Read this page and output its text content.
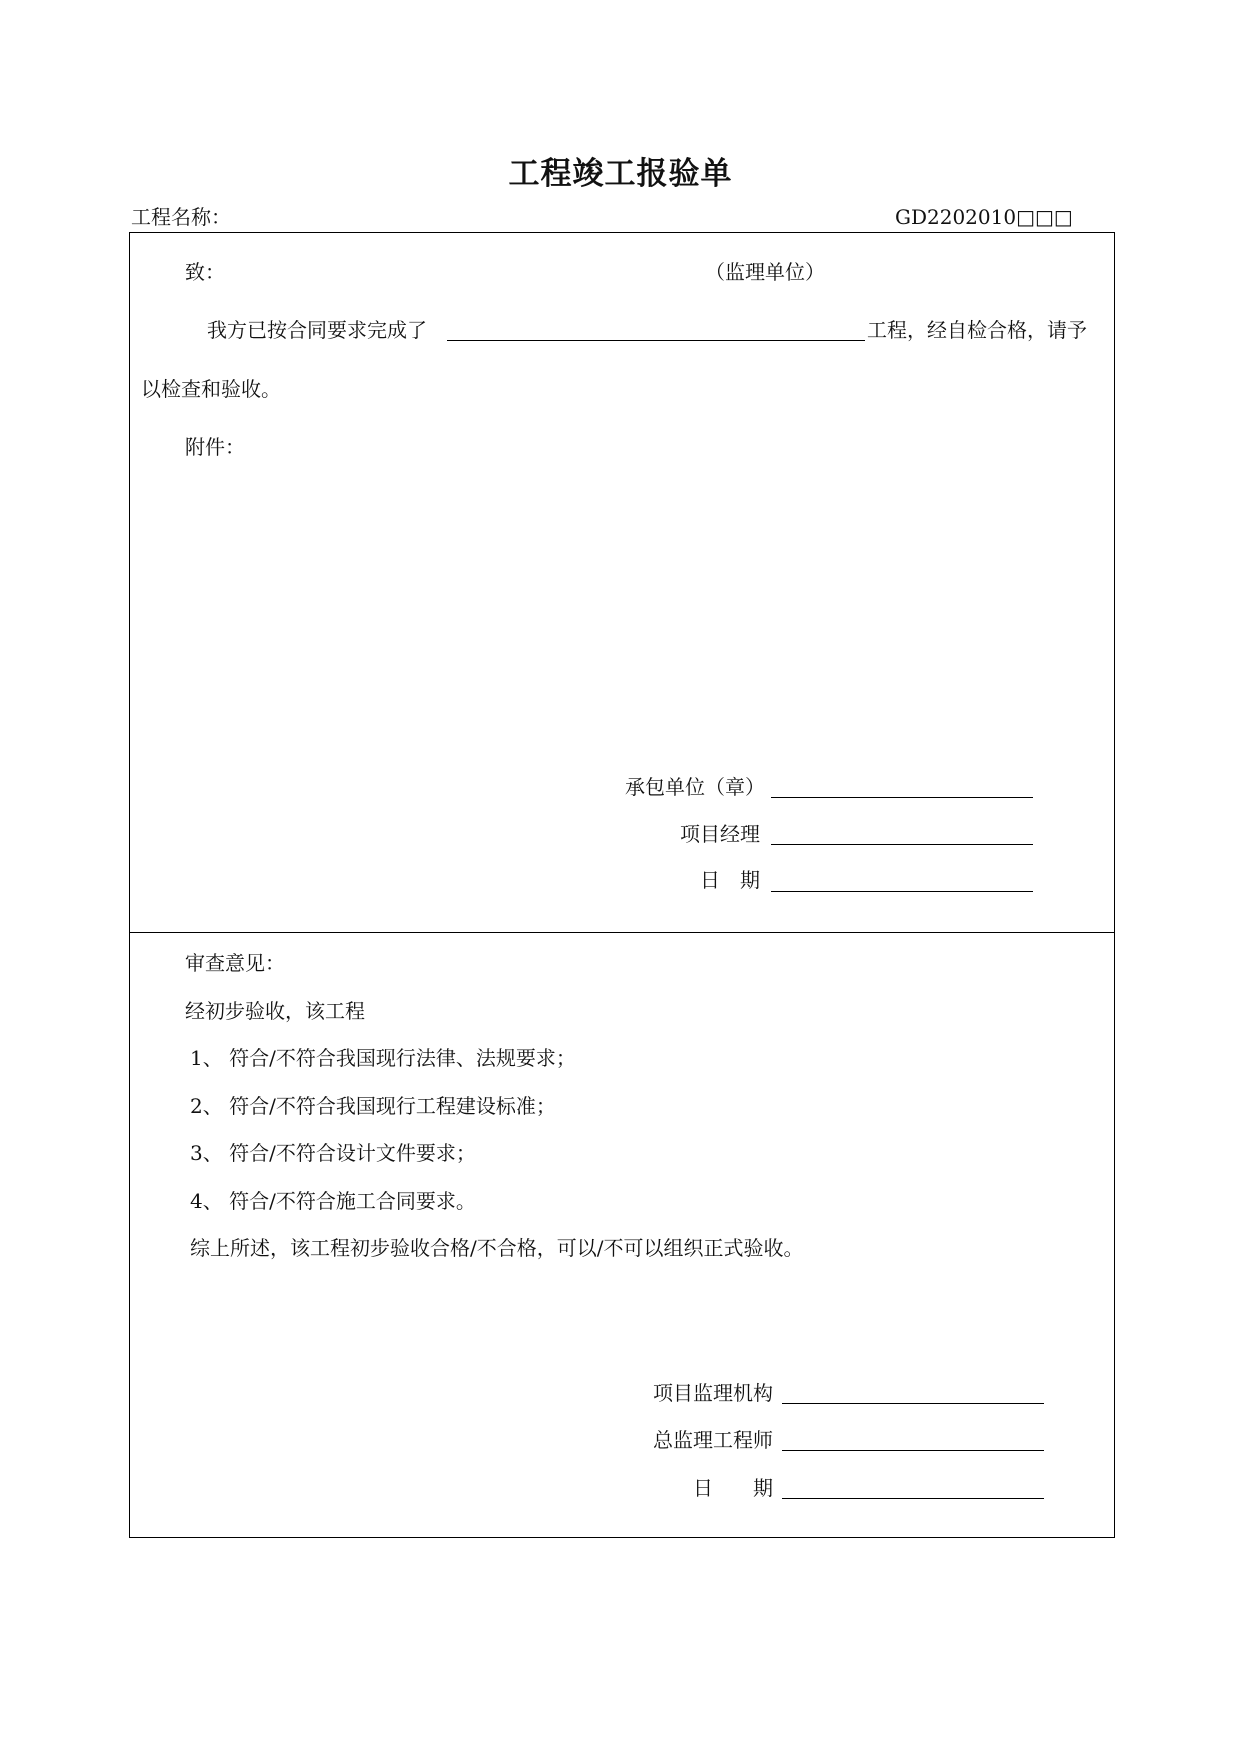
工程竣工报验单
工程名称：	GD2202010□□□
致：	（监理单位）
我方已按合同要求完成了	工程，经自检合格，请予
以检查和验收。
附件：
承包单位（章）
项目经理
日　期
审查意见：
经初步验收，该工程
1、 符合/不符合我国现行法律、法规要求；
2、 符合/不符合我国现行工程建设标准；
3、 符合/不符合设计文件要求；
4、 符合/不符合施工合同要求。
综上所述，该工程初步验收合格/不合格，可以/不可以组织正式验收。
项目监理机构
总监理工程师
日　　期
